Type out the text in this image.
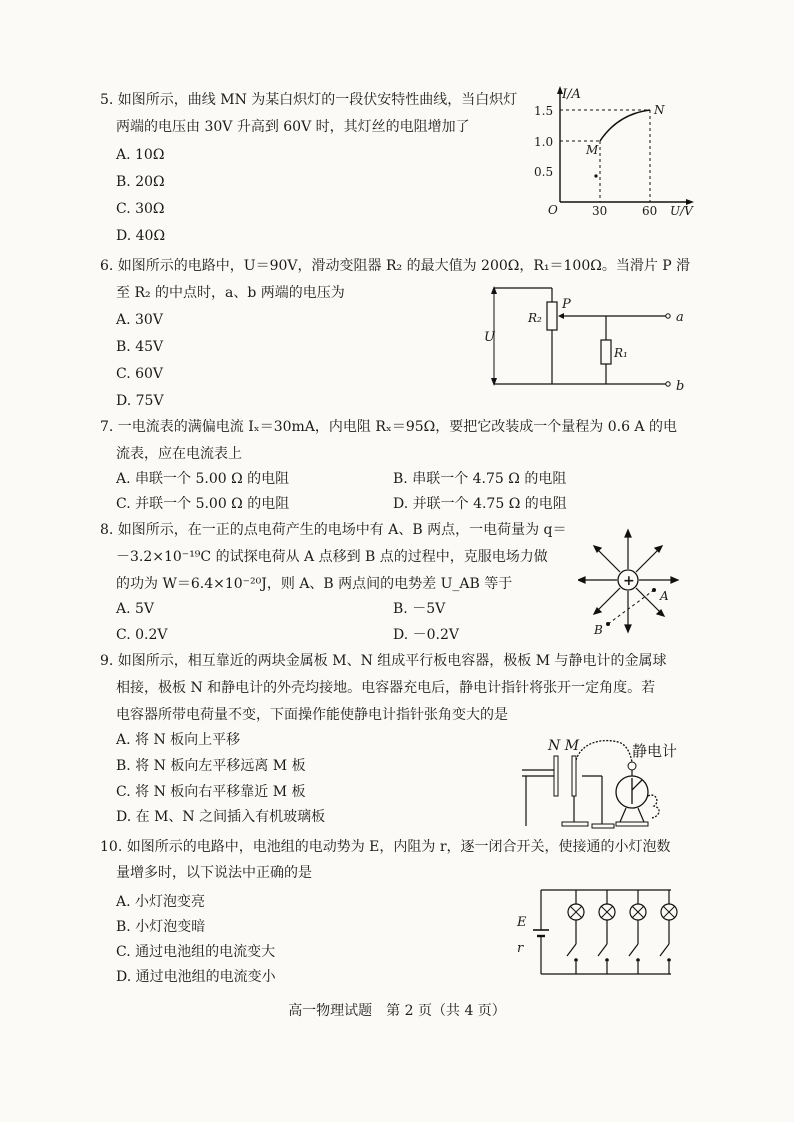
5. 如图所示，曲线 MN 为某白炽灯的一段伏安特性曲线，当白炽灯
两端的电压由 30V 升高到 60V 时，其灯丝的电阻增加了
A. 10Ω
B. 20Ω
C. 30Ω
D. 40Ω
I/A
1.5
1.0
0.5
O	30	60 U/V
M
N
6. 如图所示的电路中，U＝90V，滑动变阻器 R₂ 的最大值为 200Ω，R₁＝100Ω。当滑片 P 滑
至 R₂ 的中点时，a、b 两端的电压为
A. 30V
B. 45V
C. 60V
D. 75V
U
R₂
P
R₁
a
b
7. 一电流表的满偏电流 Iₓ＝30mA，内电阻 Rₓ＝95Ω，要把它改装成一个量程为 0.6 A 的电
流表，应在电流表上
A. 串联一个 5.00 Ω 的电阻	B. 串联一个 4.75 Ω 的电阻
C. 并联一个 5.00 Ω 的电阻	D. 并联一个 4.75 Ω 的电阻
8. 如图所示，在一正的点电荷产生的电场中有 A、B 两点，一电荷量为 q＝
－3.2×10⁻¹⁹C 的试探电荷从 A 点移到 B 点的过程中，克服电场力做
的功为 W＝6.4×10⁻²⁰J，则 A、B 两点间的电势差 U_AB 等于
A. 5V	B. －5V
C. 0.2V	D. －0.2V
+
A
B
9. 如图所示，相互靠近的两块金属板 M、N 组成平行板电容器，极板 M 与静电计的金属球
相接，极板 N 和静电计的外壳均接地。电容器充电后，静电计指针将张开一定角度。若
电容器所带电荷量不变，下面操作能使静电计指针张角变大的是
A. 将 N 板向上平移
B. 将 N 板向左平移远离 M 板
C. 将 N 板向右平移靠近 M 板
D. 在 M、N 之间插入有机玻璃板
N M	静电计
10. 如图所示的电路中，电池组的电动势为 E，内阻为 r，逐一闭合开关，使接通的小灯泡数
量增多时，以下说法中正确的是
A. 小灯泡变亮
B. 小灯泡变暗
C. 通过电池组的电流变大
D. 通过电池组的电流变小
E
r
高一物理试题　第 2 页（共 4 页）
